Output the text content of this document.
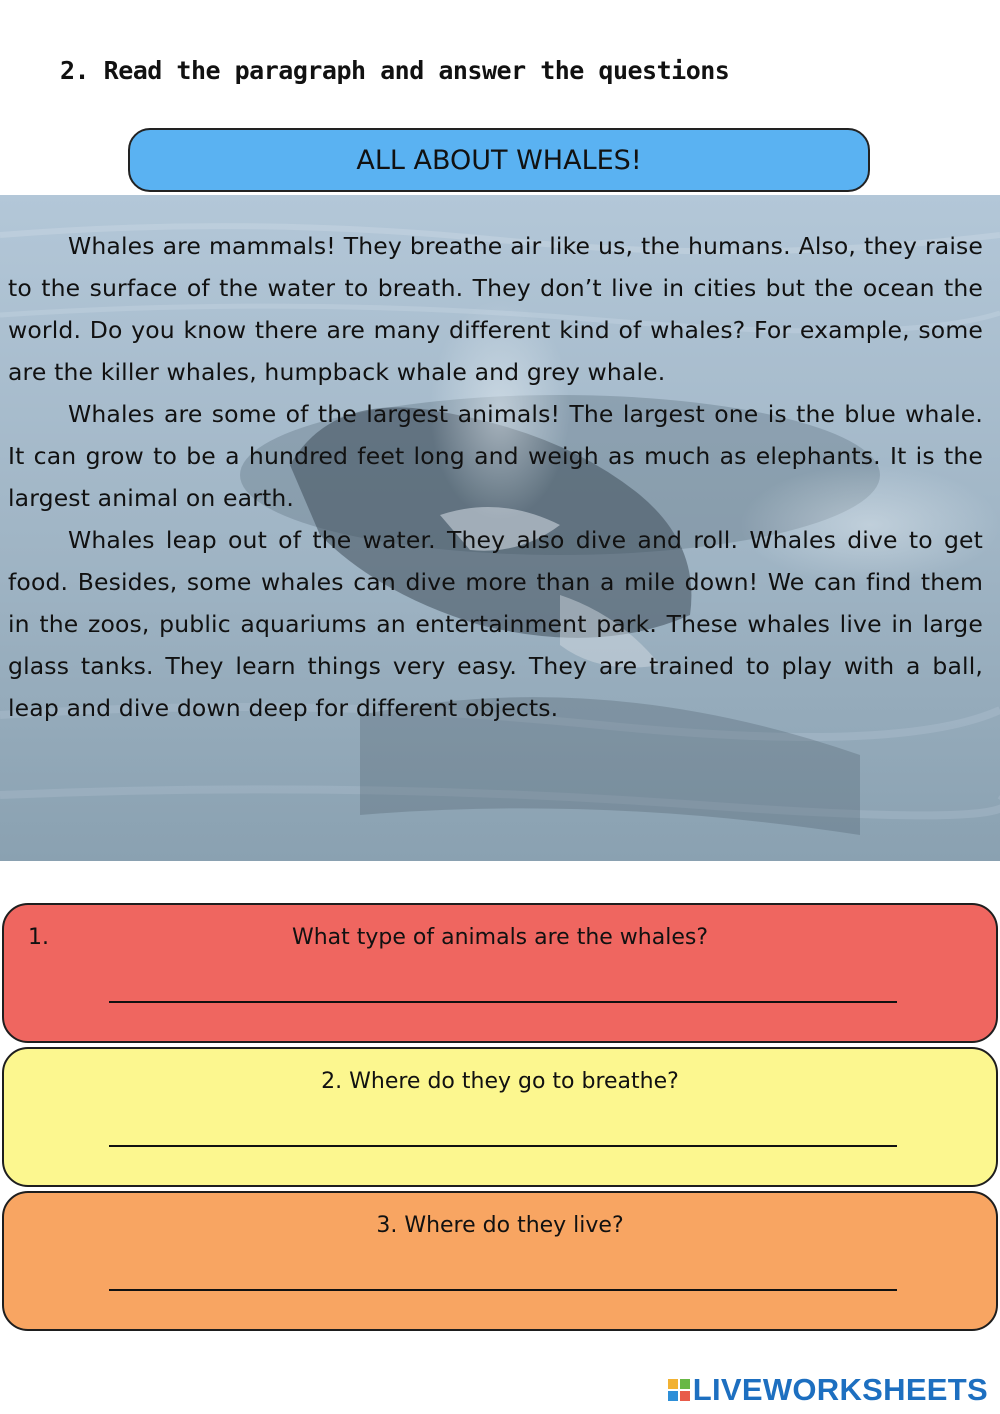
2. Read the paragraph and answer the questions
ALL ABOUT WHALES!

Whales are mammals! They breathe air like us, the humans. Also, they raise to the surface of the water to breath. They don’t live in cities but the ocean the world. Do you know there are many different kind of whales? For example, some are the killer whales, humpback whale and grey whale.

Whales are some of the largest animals! The largest one is the blue whale. It can grow to be a hundred feet long and weigh as much as elephants. It is the largest animal on earth.

Whales leap out of the water. They also dive and roll. Whales dive to get food. Besides, some whales can dive more than a mile down! We can find them in the zoos, public aquariums an entertainment park. These whales live in large glass tanks. They learn things very easy. They are trained to play with a ball, leap and dive down deep for different objects.

1.	What type of animals are the whales?
2. Where do they go to breathe?
3. Where do they live?
LIVEWORKSHEETS
